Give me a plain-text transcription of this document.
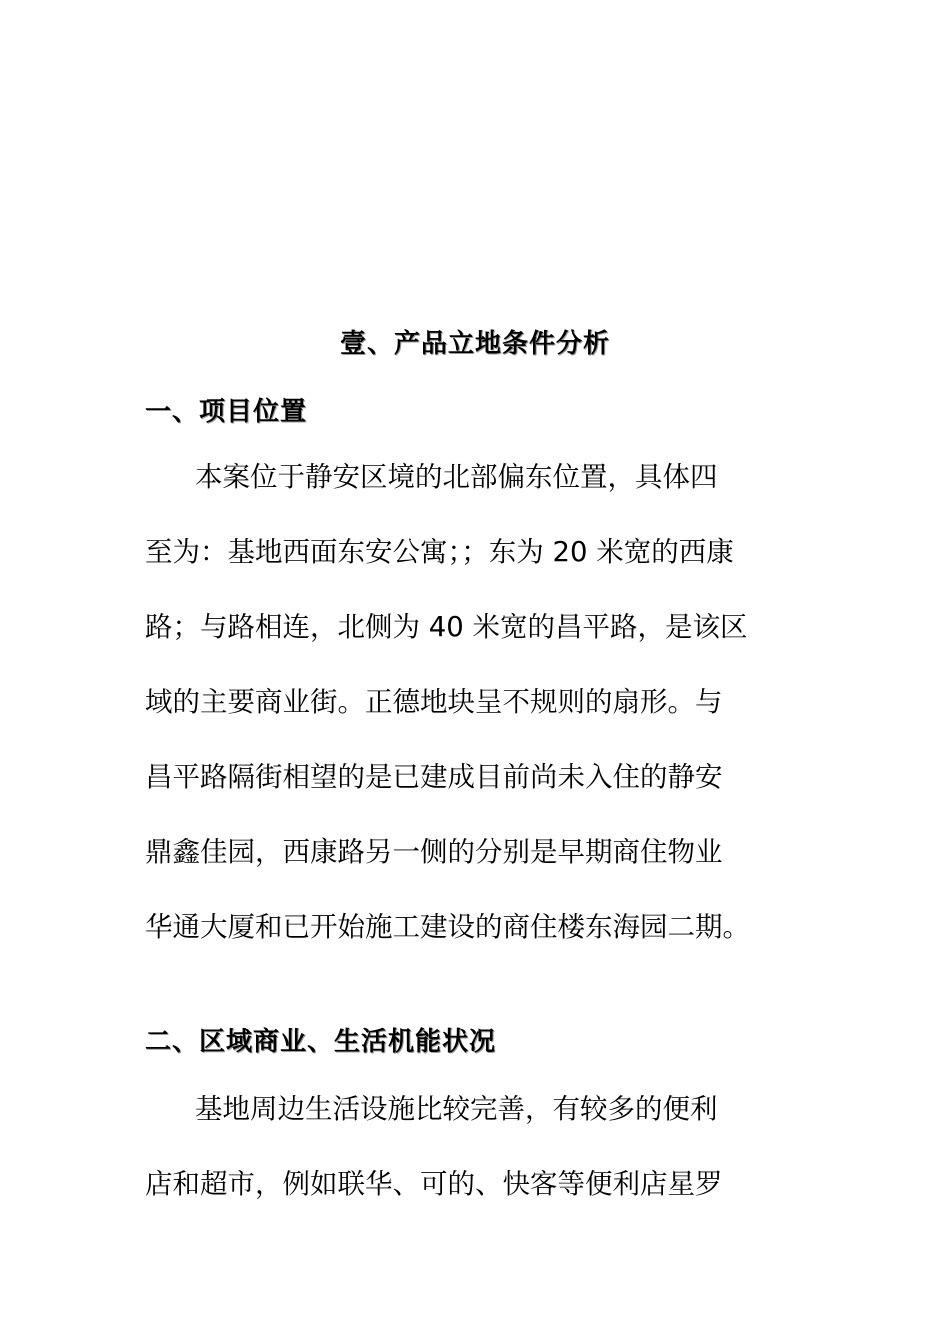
壹、产品立地条件分析
一、项目位置
本案位于静安区境的北部偏东位置，具体四
至为：基地西面东安公寓；；东为 20 米宽的西康
路；与路相连，北侧为 40 米宽的昌平路，是该区
域的主要商业街。正德地块呈不规则的扇形。与
昌平路隔街相望的是已建成目前尚未入住的静安
鼎鑫佳园，西康路另一侧的分别是早期商住物业
华通大厦和已开始施工建设的商住楼东海园二期。
二、区域商业、生活机能状况
基地周边生活设施比较完善，有较多的便利
店和超市，例如联华、可的、快客等便利店星罗
